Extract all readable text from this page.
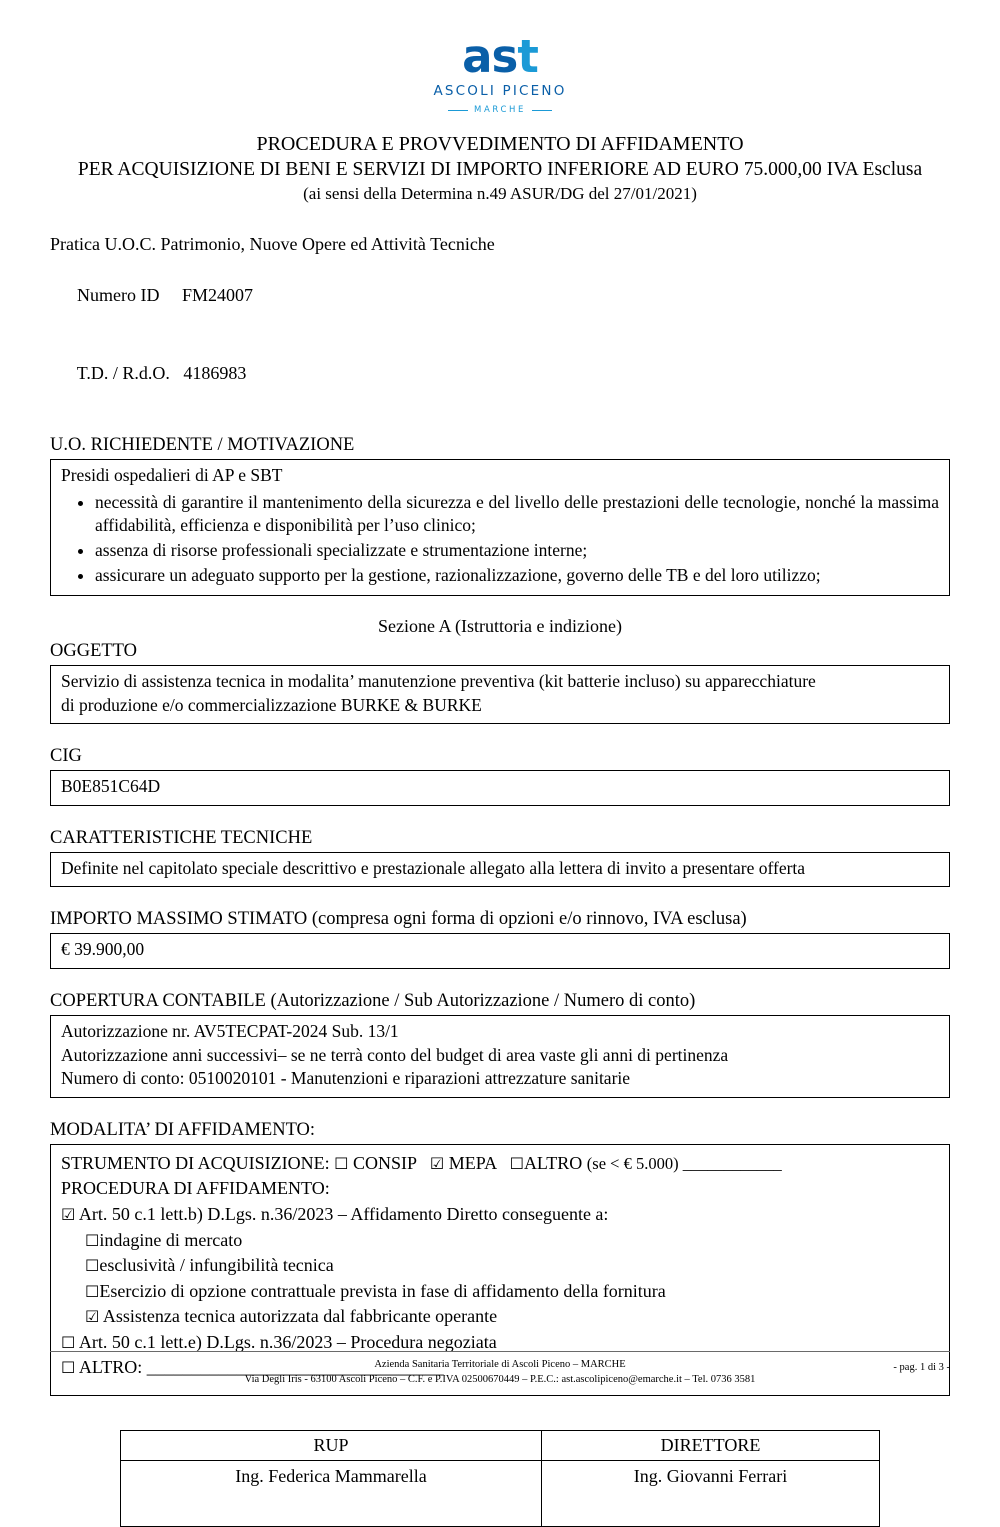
ast
ASCOLI PICENO
MARCHE
PROCEDURA E PROVVEDIMENTO DI AFFIDAMENTO
PER ACQUISIZIONE DI BENI E SERVIZI DI IMPORTO INFERIORE AD EURO 75.000,00 IVA Esclusa
(ai sensi della Determina n.49 ASUR/DG del 27/01/2021)
Pratica U.O.C. Patrimonio, Nuove Opere ed Attività Tecniche

Numero ID FM24007

T.D. / R.d.O. 4186983

U.O. RICHIEDENTE / MOTIVAZIONE

Presidi ospedalieri di AP e SBT

• necessità di garantire il mantenimento della sicurezza e del livello delle prestazioni delle tecnologie, nonché la massima affidabilità, efficienza e disponibilità per l’uso clinico;
• assenza di risorse professionali specializzate e strumentazione interne;
• assicurare un adeguato supporto per la gestione, razionalizzazione, governo delle TB e del loro utilizzo;
Sezione A (Istruttoria e indizione)
OGGETTO

Servizio di assistenza tecnica in modalita’ manutenzione preventiva (kit batterie incluso) su apparecchiature

di produzione e/o commercializzazione BURKE & BURKE

CIG

B0E851C64D

CARATTERISTICHE TECNICHE

Definite nel capitolato speciale descrittivo e prestazionale allegato alla lettera di invito a presentare offerta

IMPORTO MASSIMO STIMATO (compresa ogni forma di opzioni e/o rinnovo, IVA esclusa)

€ 39.900,00

COPERTURA CONTABILE (Autorizzazione / Sub Autorizzazione / Numero di conto)

Autorizzazione nr. AV5TECPAT-2024 Sub. 13/1

Autorizzazione anni successivi– se ne terrà conto del budget di area vaste gli anni di pertinenza

Numero di conto: 0510020101 - Manutenzioni e riparazioni attrezzature sanitarie

MODALITA’ DI AFFIDAMENTO:
STRUMENTO DI ACQUISIZIONE: ☐ CONSIP ☑ MEPA ☐ALTRO (se < € 5.000) ____________
PROCEDURA DI AFFIDAMENTO:
☑ Art. 50 c.1 lett.b) D.Lgs. n.36/2023 – Affidamento Diretto conseguente a:
☐indagine di mercato
☐esclusività / infungibilità tecnica
☐Esercizio di opzione contrattuale prevista in fase di affidamento della fornitura
☑ Assistenza tecnica autorizzata dal fabbricante operante
☐ Art. 50 c.1 lett.e) D.Lgs. n.36/2023 – Procedura negoziata
☐ ALTRO: _________________________________
RUP	DIRETTORE
Ing. Federica Mammarella	Ing. Giovanni Ferrari
Azienda Sanitaria Territoriale di Ascoli Piceno – MARCHE
Via Degli Iris - 63100 Ascoli Piceno – C.F. e P.IVA 02500670449 – P.E.C.: ast.ascolipiceno@emarche.it – Tel. 0736 3581
- pag. 1 di 3 -
